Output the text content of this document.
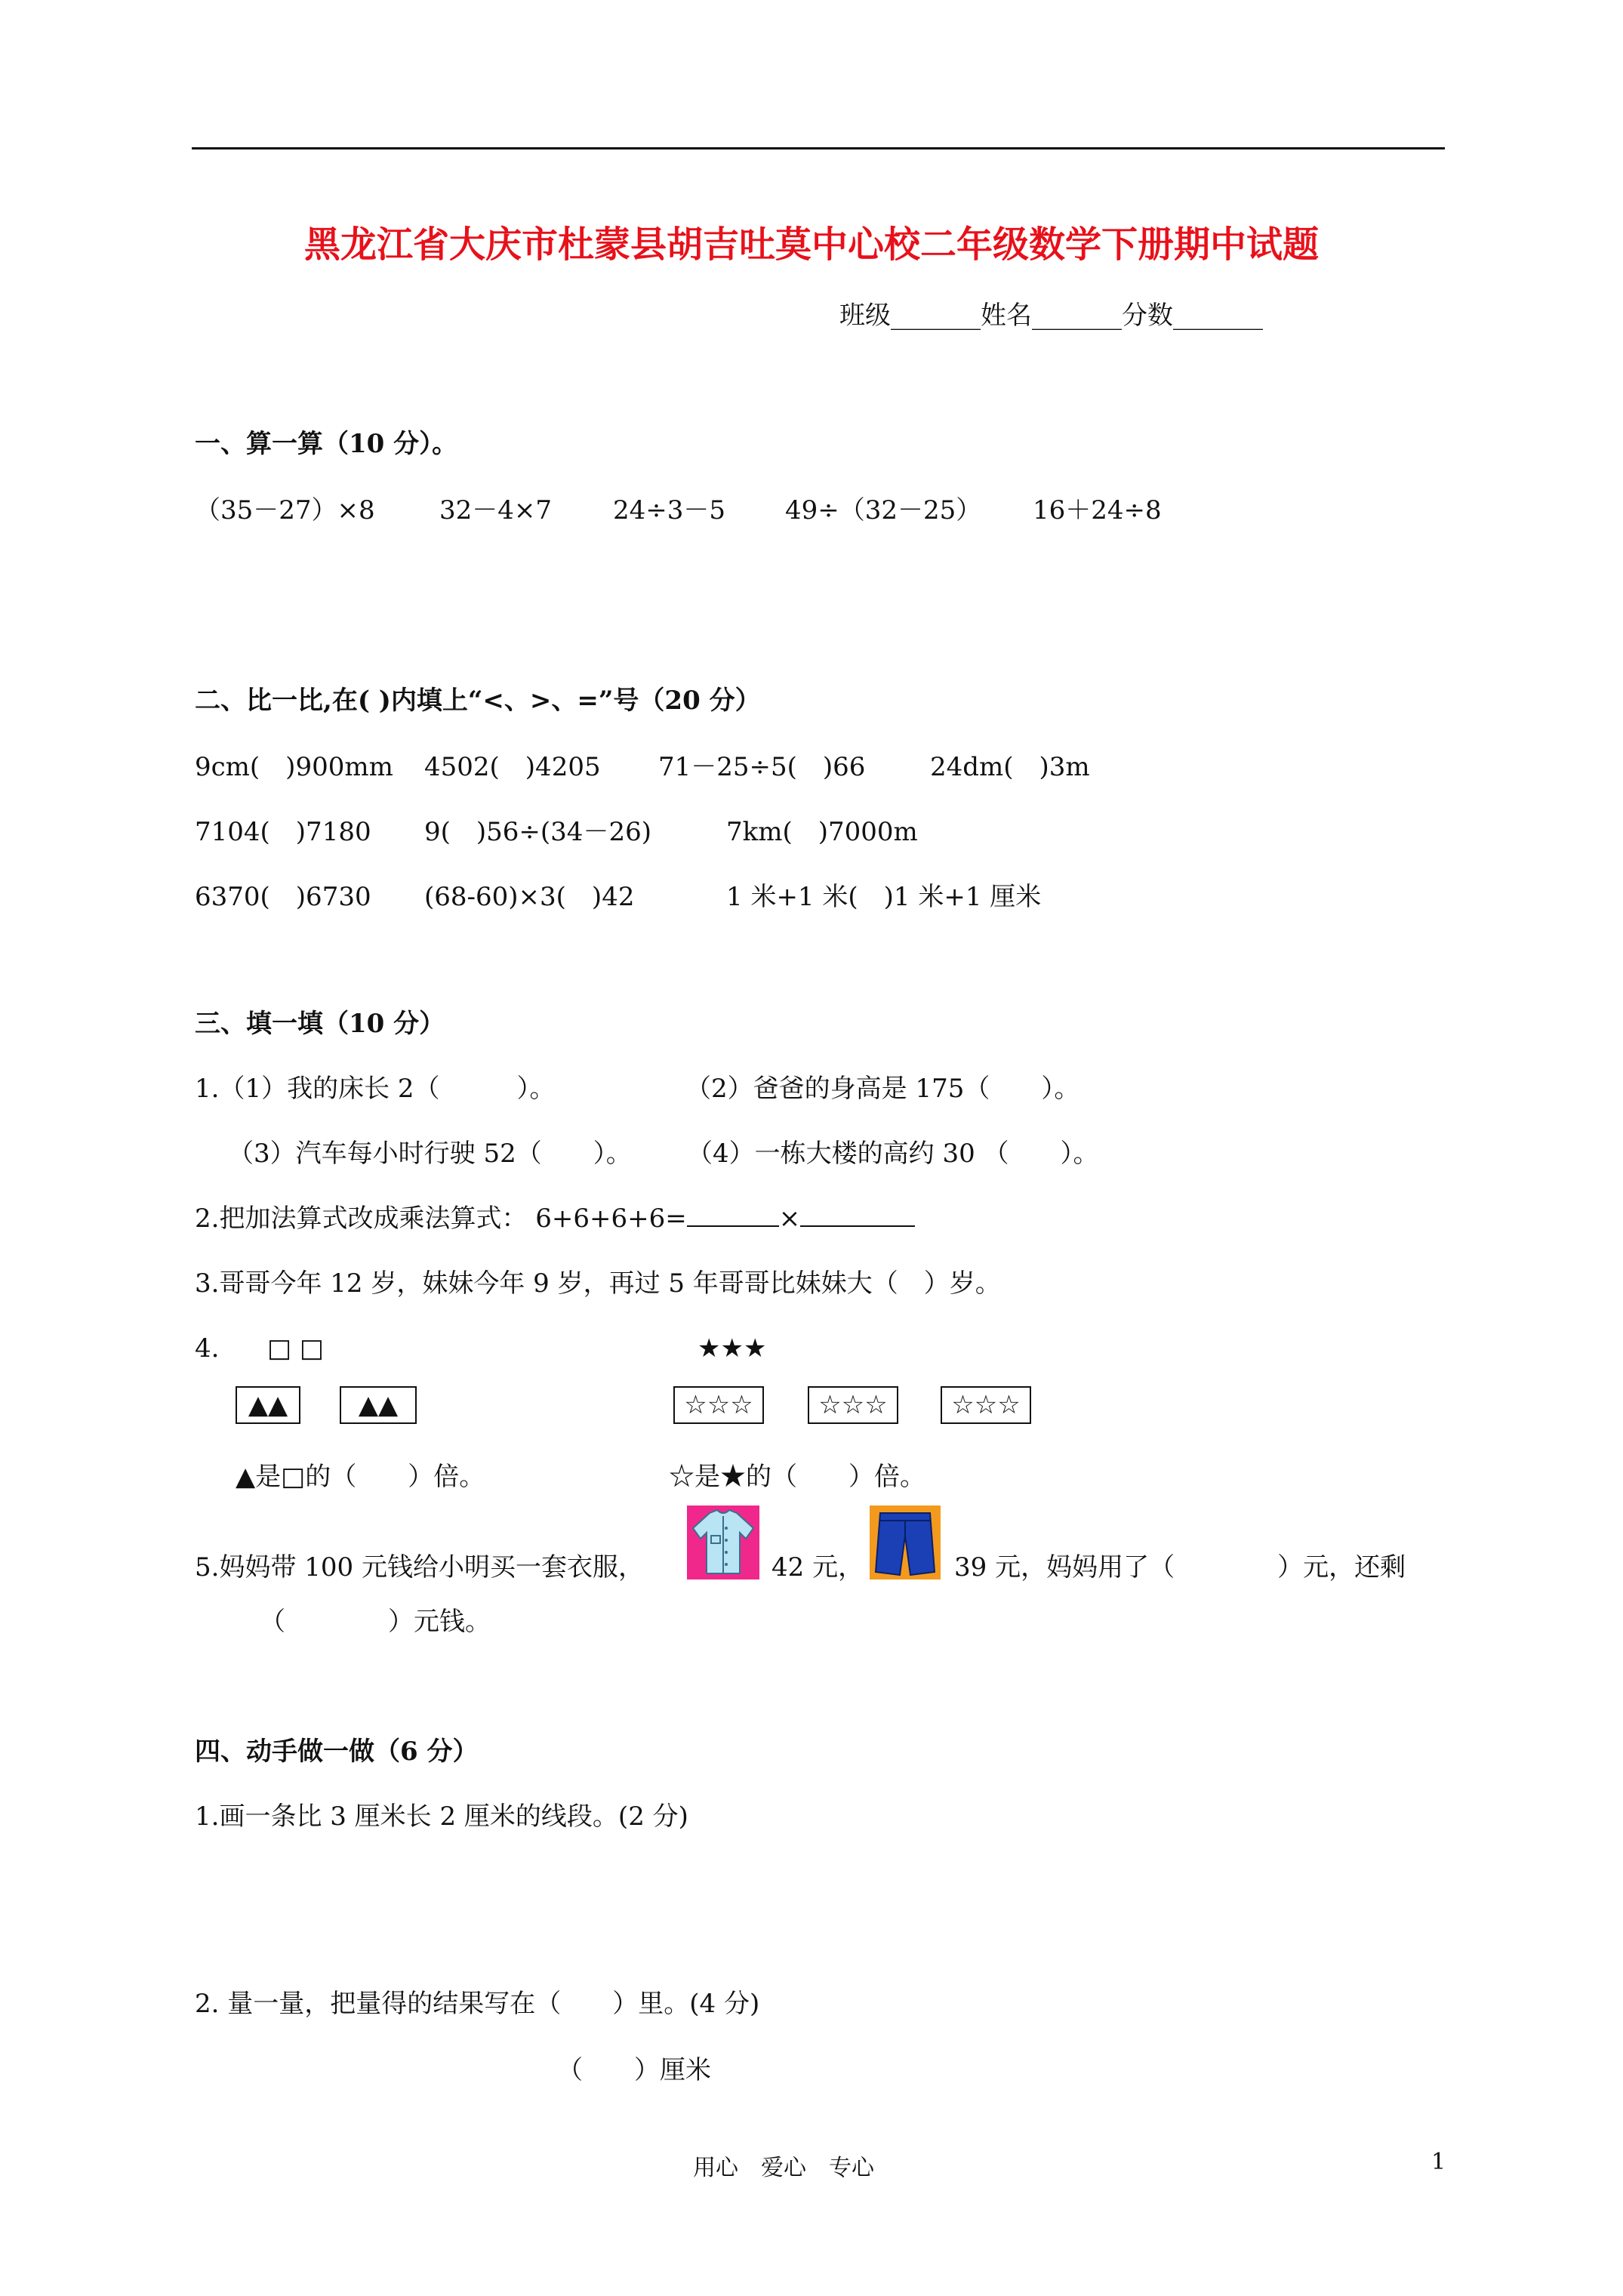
黑龙江省大庆市杜蒙县胡吉吐莫中心校二年级数学下册期中试题
班级_______姓名_______分数_______
一、算一算（10 分）。
（35－27）×8	32－4×7 24÷3－5 49÷（32－25） 16＋24÷8
二、比一比,在( )内填上“<、>、=”号（20 分）
9cm(　)900mm 4502(　)4205 71－25÷5(　)66	24dm(　)3m
7104(　)7180 9(　)56÷(34－26)	7km(　)7000m
6370(　)6730 (68-60)×3(　)42	1 米+1 米(　)1 米+1 厘米
三、填一填（10 分）
1.（1）我的床长 2（　　　）。	（2）爸爸的身高是 175（　　）。
（3）汽车每小时行驶 52（　　）。 （4）一栋大楼的高约 30 （　　）。
2.把加法算式改成乘法算式： 6+6+6+6=	×
3.哥哥今年 12 岁，妹妹今年 9 岁，再过 5 年哥哥比妹妹大（　）岁。
4. □ □	★★★
▲▲	▲▲	☆☆☆	☆☆☆	☆☆☆
▲是□的（　　）倍。	☆是★的（　　）倍。
5.妈妈带 100 元钱给小明买一套衣服，	42 元，	39 元，妈妈用了（　　　　）元，还剩
（　　　　）元钱。
四、动手做一做（6 分）
1.画一条比 3 厘米长 2 厘米的线段。(2 分)
2. 量一量，把量得的结果写在（　　）里。(4 分)
（　　）厘米
用心　爱心　专心	1
